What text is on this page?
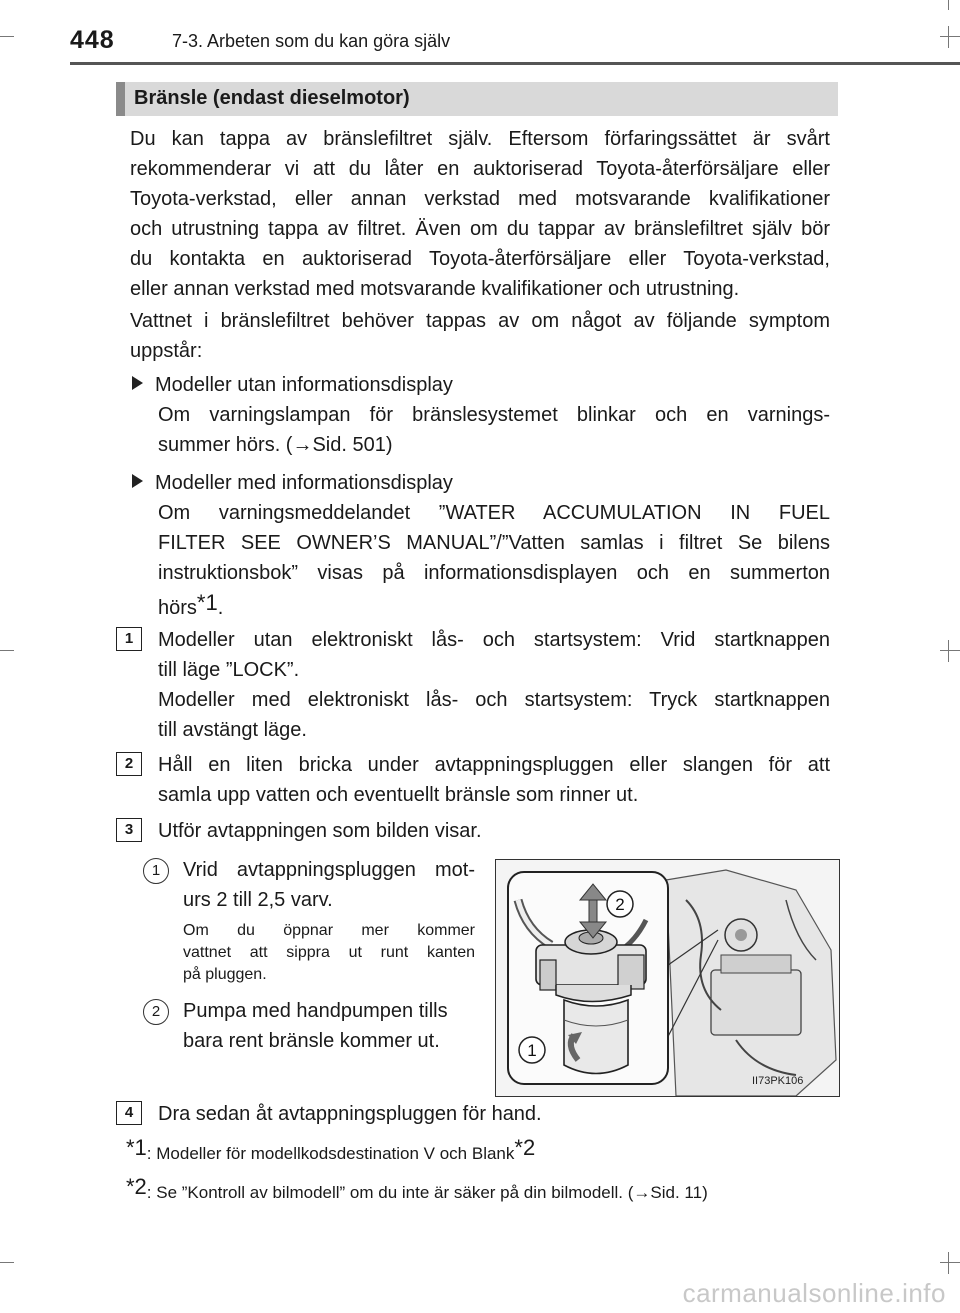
448	7-3. Arbeten som du kan göra själv
Bränsle (endast dieselmotor)
Du kan tappa av bränslefiltret själv. Eftersom förfaringssättet är svårt
rekommenderar vi att du låter en auktoriserad Toyota-återförsäljare eller
Toyota-verkstad, eller annan verkstad med motsvarande kvalifikationer
och utrustning tappa av filtret. Även om du tappar av bränslefiltret själv bör
du kontakta en auktoriserad Toyota-återförsäljare eller Toyota-verkstad,
eller annan verkstad med motsvarande kvalifikationer och utrustning.
Vattnet i bränslefiltret behöver tappas av om något av följande symptom
uppstår:
Modeller utan informationsdisplay
Om varningslampan för bränslesystemet blinkar och en varnings-
summer hörs. (→Sid. 501)
Modeller med informationsdisplay
Om varningsmeddelandet ”WATER ACCUMULATION IN FUEL
FILTER SEE OWNER’S MANUAL”/”Vatten samlas i filtret Se bilens
instruktionsbok” visas på informationsdisplayen och en summerton
hörs$^{*1}$.
1	Modeller utan elektroniskt lås- och startsystem: Vrid startknappen
till läge ”LOCK”.
Modeller med elektroniskt lås- och startsystem: Tryck startknappen
till avstängt läge.
2	Håll en liten bricka under avtappningspluggen eller slangen för att
samla upp vatten och eventuellt bränsle som rinner ut.
3	Utför avtappningen som bilden visar.
1	Vrid avtappningspluggen mot-
urs 2 till 2,5 varv.
Om du öppnar mer kommer
vattnet att sippra ut runt kanten
på pluggen.
2	Pumpa med handpumpen tills
bara rent bränsle kommer ut.
2
1
II73PK106
4	Dra sedan åt avtappningspluggen för hand.
$^{*1}$: Modeller för modellkodsdestination V och Blank$^{*2}$
$^{*2}$: Se ”Kontroll av bilmodell” om du inte är säker på din bilmodell. (→Sid. 11)
carmanualsonline.info
